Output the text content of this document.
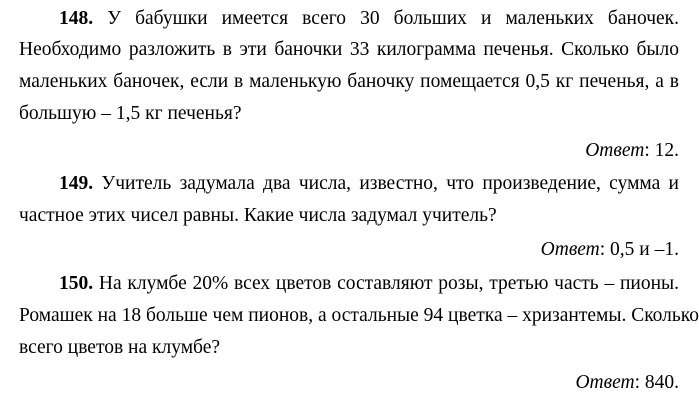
148. У бабушки имеется всего 30 больших и маленьких баночек.
Необходимо разложить в эти баночки 33 килограмма печенья. Сколько было
маленьких баночек, если в маленькую баночку помещается 0,5 кг печенья, а в
большую – 1,5 кг печенья?
Ответ: 12.
149. Учитель задумала два числа, известно, что произведение, сумма и
частное этих чисел равны. Какие числа задумал учитель?
Ответ: 0,5 и –1.
150. На клумбе 20% всех цветов составляют розы, третью часть – пионы.
Ромашек на 18 больше чем пионов, а остальные 94 цветка – хризантемы. Сколько
всего цветов на клумбе?
Ответ: 840.
